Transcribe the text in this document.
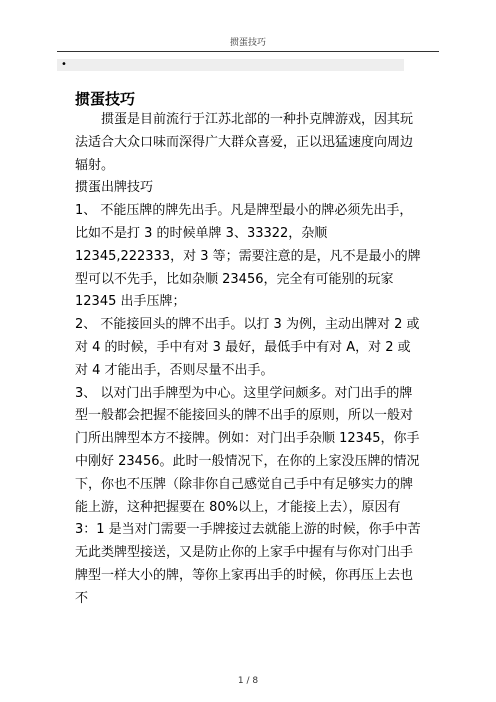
掼蛋技巧
•
掼蛋技巧

掼蛋是目前流行于江苏北部的一种扑克牌游戏，因其玩法适合大众口味而深得广大群众喜爱，正以迅猛速度向周边辐射。

掼蛋出牌技巧

1、 不能压牌的牌先出手。凡是牌型最小的牌必须先出手，比如不是打 3 的时候单牌 3、33322，杂顺 12345,222333，对 3 等；需要注意的是，凡不是最小的牌型可以不先手，比如杂顺 23456，完全有可能别的玩家 12345 出手压牌；

2、 不能接回头的牌不出手。以打 3 为例，主动出牌对 2 或对 4 的时候，手中有对 3 最好，最低手中有对 A，对 2 或对 4 才能出手，否则尽量不出手。

3、 以对门出手牌型为中心。这里学问颇多。对门出手的牌型一般都会把握不能接回头的牌不出手的原则，所以一般对门所出牌型本方不接牌。例如：对门出手杂顺 12345，你手中刚好 23456。此时一般情况下，在你的上家没压牌的情况下，你也不压牌（除非你自己感觉自己手中有足够实力的牌能上游，这种把握要在 80%以上，才能接上去），原因有 3：1 是当对门需要一手牌接过去就能上游的时候，你手中苦无此类牌型接送，又是防止你的上家手中握有与你对门出手牌型一样大小的牌，等你上家再出手的时候，你再压上去也不

1 / 8
